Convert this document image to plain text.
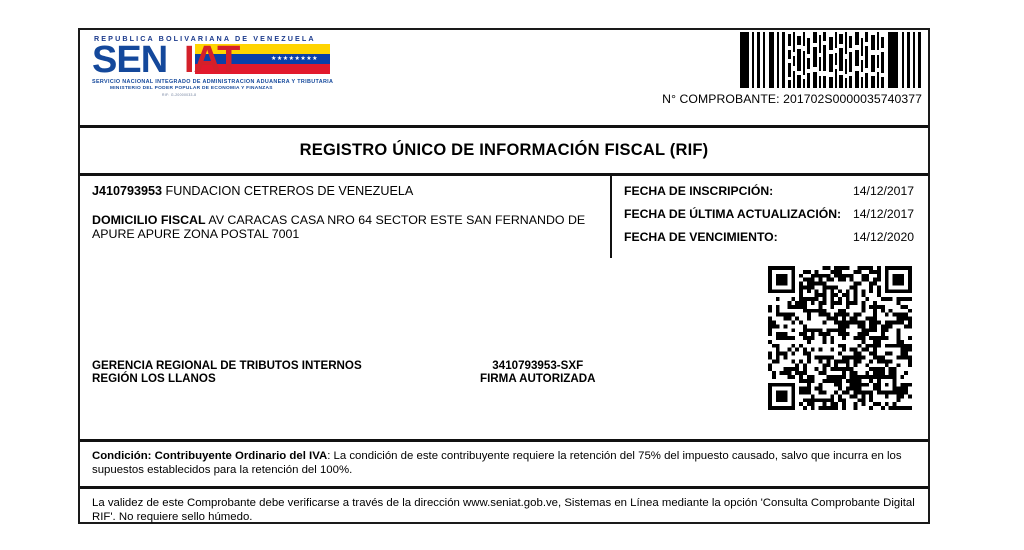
REPUBLICA BOLIVARIANA DE VENEZUELA
SEN	★★★★★★★★
IAT
SERVICIO NACIONAL INTEGRADO DE ADMINISTRACION ADUANERA Y TRIBUTARIA
MINISTERIO DEL PODER POPULAR DE ECONOMIA Y FINANZAS
RIF: G-20000033-8	N° COMPROBANTE: 201702S0000035740377
REGISTRO ÚNICO DE INFORMACIÓN FISCAL (RIF)
J410793953 FUNDACION CETREROS DE VENEZUELA
DOMICILIO FISCAL AV CARACAS CASA NRO 64 SECTOR ESTE SAN FERNANDO DE APURE APURE ZONA POSTAL 7001
FECHA DE INSCRIPCIÓN:	14/12/2017
FECHA DE ÚLTIMA ACTUALIZACIÓN: 14/12/2017
FECHA DE VENCIMIENTO:	14/12/2020
GERENCIA REGIONAL DE TRIBUTOS INTERNOS
REGIÓN LOS LLANOS
3410793953-SXF
FIRMA AUTORIZADA
Condición: Contribuyente Ordinario del IVA: La condición de este contribuyente requiere la retención del 75% del impuesto causado, salvo que incurra en los supuestos establecidos para la retención del 100%.
La validez de este Comprobante debe verificarse a través de la dirección www.seniat.gob.ve, Sistemas en Línea mediante la opción 'Consulta Comprobante Digital RIF'. No requiere sello húmedo.
